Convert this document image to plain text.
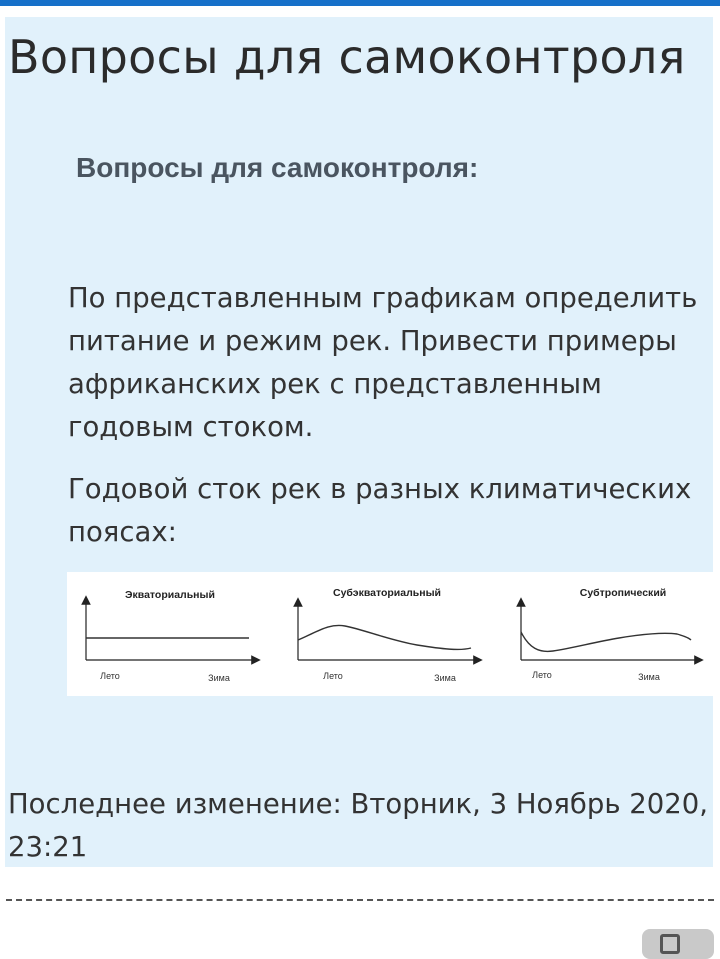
Вопросы для самоконтроля
Вопросы для самоконтроля:

По представленным графикам определить питание и режим рек. Привести примеры африканских рек с представленным годовым стоком.

Годовой сток рек в разных климатических поясах:

Экваториальный
Лето	Зима
Субэкваториальный
Лето	Зима
Субтропический
Лето	Зима

Последнее изменение: Вторник, 3 Ноябрь 2020, 23:21
